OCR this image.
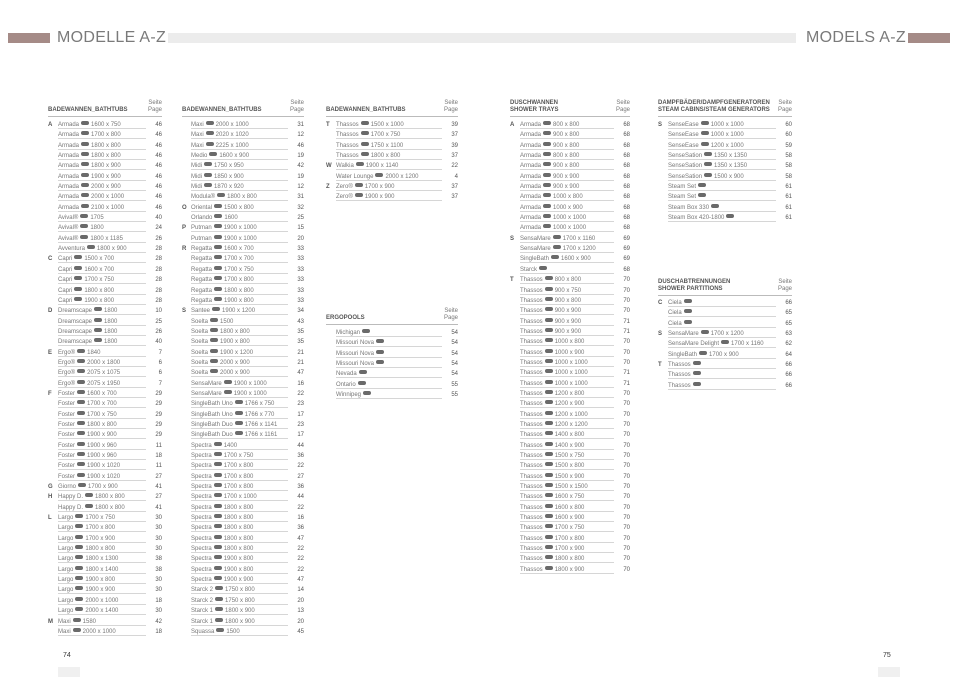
MODELLE A-Z	MODELS A-Z
BADEWANNEN_BATHTUBS
Seite
Page
A Armada 1600 x 750	46
Armada 1700 x 800	46
Armada 1800 x 800	46
Armada 1800 x 800	46
Armada 1800 x 900	46
Armada 1900 x 900	46
Armada 2000 x 900	46
Armada 2000 x 1000	46
Armada 2100 x 1000	46
Avival® 1705	40
Avival® 1800	24
Avival® 1800 x 1185	26
Avventura 1800 x 900	28
C Capri 1500 x 700	28
Capri 1600 x 700	28
Capri 1700 x 750	28
Capri 1800 x 800	28
Capri 1900 x 800	28
D Dreamscape 1800	10
Dreamscape 1800	25
Dreamscape 1800	26
Dreamscape 1800	40
E Ergo® 1840	7
Ergo® 2000 x 1800	6
Ergo® 2075 x 1075	6
Ergo® 2075 x 1950	7
F	Foster 1600 x 700	29
Foster 1700 x 700	29
Foster 1700 x 750	29
Foster 1800 x 800	29
Foster 1900 x 900	29
Foster 1900 x 960	11
Foster 1900 x 960	18
Foster 1900 x 1020	11
Foster 1900 x 1020	27
G Giorno 1700 x 900	41
H Happy D. 1800 x 800	27
Happy D. 1800 x 800	41
L	Largo 1700 x 750	30
Largo 1700 x 800	30
Largo 1700 x 900	30
Largo 1800 x 800	30
Largo 1800 x 1300	38
Largo 1800 x 1400	38
Largo 1900 x 800	30
Largo 1900 x 900	30
Largo 2000 x 1000	18
Largo 2000 x 1400	30
M Maxi 1580	42
Maxi 2000 x 1000	18
BADEWANNEN_BATHTUBS
Seite
Page
Maxi 2000 x 1000	31
Maxi 2020 x 1020	12
Maxi 2225 x 1000	46
Medio 1600 x 900	19
Midi 1750 x 950	42
Midi 1850 x 900	19
Midi 1870 x 920	12
Modula® 1800 x 800	31
O Oriental 1500 x 800	32
Orlando 1600	25
P Putman 1900 x 1000	15
Putman 1900 x 1000	20
R Regatta 1600 x 700	33
Regatta 1700 x 700	33
Regatta 1700 x 750	33
Regatta 1700 x 800	33
Regatta 1800 x 800	33
Regatta 1900 x 800	33
S Santee 1900 x 1200	34
Soelta 1500	43
Soelta 1800 x 800	35
Soelta 1900 x 800	35
Soelta 1900 x 1200	21
Soelta 2000 x 900	21
Soelta 2000 x 900	47
SensaMare 1900 x 1000	16
SensaMare 1900 x 1000	22
SingleBath Uno 1766 x 750	23
SingleBath Uno 1766 x 770	17
SingleBath Duo 1766 x 1141	23
SingleBath Duo 1766 x 1161	17
Spectra 1400	44
Spectra 1700 x 750	36
Spectra 1700 x 800	22
Spectra 1700 x 800	27
Spectra 1700 x 800	36
Spectra 1700 x 1000	44
Spectra 1800 x 800	22
Spectra 1800 x 800	16
Spectra 1800 x 800	36
Spectra 1800 x 800	47
Spectra 1800 x 800	22
Spectra 1900 x 800	22
Spectra 1900 x 800	22
Spectra 1900 x 900	47
Starck 2 1750 x 800	14
Starck 2 1750 x 800	20
Starck 1 1800 x 900	13
Starck 1 1800 x 900	20
Squassa 1500	45
BADEWANNEN_BATHTUBS
Seite
Page
T	Thassos 1500 x 1000	39
Thassos 1700 x 750	37
Thassos 1750 x 1100	39
Thassos 1800 x 800	37
W Walkia 1900 x 1140	22
Water Lounge 2000 x 1200	4
Z	Zero® 1700 x 900	37
Zero® 1900 x 900	37
ERGOPOOLS
Seite
Page
Michigan	54
Missouri Nova	54
Missouri Nova	54
Missouri Nova	54
Nevada	54
Ontario	55
Winnipeg	55
DUSCHWANNEN
SHOWER TRAYS
Seite
Page
A Armada 800 x 800	68
Armada 900 x 800	68
Armada 900 x 800	68
Armada 800 x 800	68
Armada 900 x 800	68
Armada 900 x 900	68
Armada 900 x 900	68
Armada 1000 x 800	68
Armada 1000 x 900	68
Armada 1000 x 1000	68
Armada 1000 x 1000	68
S SensaMare 1700 x 1160	69
SensaMare 1700 x 1200	69
SingleBath 1600 x 900	69
Starck	68
T	Thassos 800 x 800	70
Thassos 900 x 750	70
Thassos 900 x 800	70
Thassos 900 x 900	70
Thassos 900 x 900	71
Thassos 900 x 900	71
Thassos 1000 x 800	70
Thassos 1000 x 900	70
Thassos 1000 x 1000	70
Thassos 1000 x 1000	71
Thassos 1000 x 1000	71
Thassos 1200 x 800	70
Thassos 1200 x 900	70
Thassos 1200 x 1000	70
Thassos 1200 x 1200	70
Thassos 1400 x 800	70
Thassos 1400 x 900	70
Thassos 1500 x 750	70
Thassos 1500 x 800	70
Thassos 1500 x 900	70
Thassos 1500 x 1500	70
Thassos 1600 x 750	70
Thassos 1600 x 800	70
Thassos 1600 x 900	70
Thassos 1700 x 750	70
Thassos 1700 x 800	70
Thassos 1700 x 900	70
Thassos 1800 x 800	70
Thassos 1800 x 900	70
DAMPFBÄDER/DAMPFGENERATOREN
STEAM CABINS/STEAM GENERATORS
Seite
Page
S SenseEase 1000 x 1000	60
SenseEase 1000 x 1000	60
SenseEase 1200 x 1000	59
SenseSation 1350 x 1350	58
SenseSation 1350 x 1350	58
SenseSation 1500 x 900	58
Steam Set	61
Steam Set	61
Steam Box 330	61
Steam Box 420-1800	61
DUSCHABTRENNUNGEN
SHOWER PARTITIONS
Seite
Page
C Ciela	66
Ciela	65
Ciela	65
S SensaMare 1700 x 1200	63
SensaMare Delight 1700 x 1160	62
SingleBath 1700 x 900	64
T	Thassos	66
Thassos	66
Thassos	66
74	75
